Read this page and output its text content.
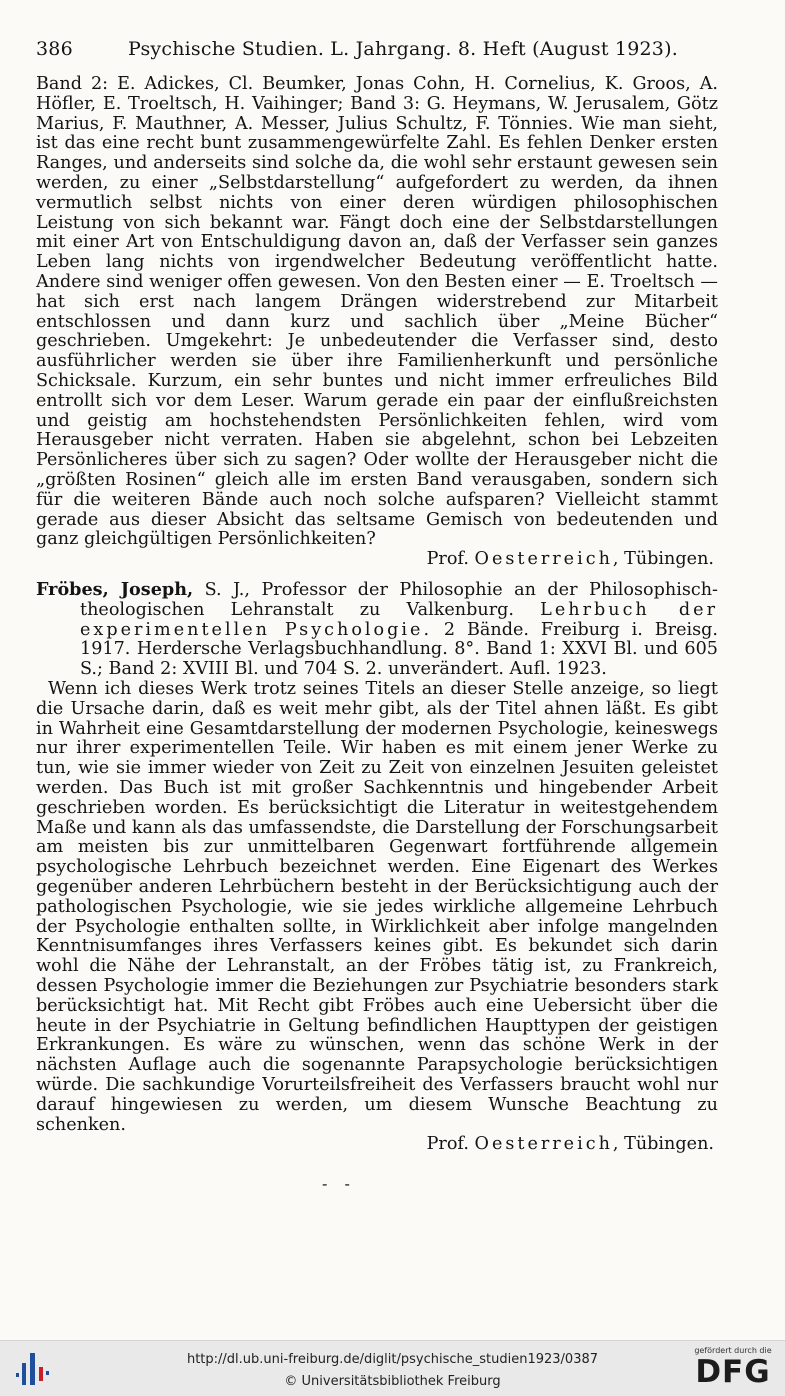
386	Psychische Studien. L. Jahrgang. 8. Heft (August 1923).

Band 2: E. Adickes, Cl. Beumker, Jonas Cohn, H. Cornelius, K. Groos, A. Höfler, E. Troeltsch, H. Vaihinger; Band 3: G. Heymans, W. Jerusalem, Götz Marius, F. Mauthner, A. Messer, Julius Schultz, F. Tönnies. Wie man sieht, ist das eine recht bunt zusammengewürfelte Zahl. Es fehlen Denker ersten Ranges, und anderseits sind solche da, die wohl sehr erstaunt gewesen sein werden, zu einer „Selbstdarstellung“ aufgefordert zu werden, da ihnen vermutlich selbst nichts von einer deren würdigen philosophischen Leistung von sich bekannt war. Fängt doch eine der Selbstdarstellungen mit einer Art von Entschuldigung davon an, daß der Verfasser sein ganzes Leben lang nichts von irgendwelcher Bedeutung veröffentlicht hatte. Andere sind weniger offen gewesen. Von den Besten einer — E. Troeltsch — hat sich erst nach langem Drängen widerstrebend zur Mitarbeit entschlossen und dann kurz und sachlich über „Meine Bücher“ geschrieben. Umgekehrt: Je unbedeutender die Verfasser sind, desto ausführlicher werden sie über ihre Familienherkunft und persönliche Schicksale. Kurzum, ein sehr buntes und nicht immer erfreuliches Bild entrollt sich vor dem Leser. Warum gerade ein paar der einflußreichsten und geistig am hochstehendsten Persönlichkeiten fehlen, wird vom Herausgeber nicht verraten. Haben sie abgelehnt, schon bei Lebzeiten Persönlicheres über sich zu sagen? Oder wollte der Herausgeber nicht die „größten Rosinen“ gleich alle im ersten Band verausgaben, sondern sich für die weiteren Bände auch noch solche aufsparen? Vielleicht stammt gerade aus dieser Absicht das seltsame Gemisch von bedeutenden und ganz gleichgültigen Persönlichkeiten?
Prof. Oesterreich, Tübingen.

Fröbes, Joseph, S. J., Professor der Philosophie an der Philosophisch-theologischen Lehranstalt zu Valkenburg. Lehrbuch der experimentellen Psychologie. 2 Bände. Freiburg i. Breisg. 1917. Herdersche Verlagsbuchhandlung. 8°. Band 1: XXVI Bl. und 605 S.; Band 2: XVIII Bl. und 704 S. 2. unverändert. Aufl. 1923.

Wenn ich dieses Werk trotz seines Titels an dieser Stelle anzeige, so liegt die Ursache darin, daß es weit mehr gibt, als der Titel ahnen läßt. Es gibt in Wahrheit eine Gesamtdarstellung der modernen Psychologie, keineswegs nur ihrer experimentellen Teile. Wir haben es mit einem jener Werke zu tun, wie sie immer wieder von Zeit zu Zeit von einzelnen Jesuiten geleistet werden. Das Buch ist mit großer Sachkenntnis und hingebender Arbeit geschrieben worden. Es berücksichtigt die Literatur in weitestgehendem Maße und kann als das umfassendste, die Darstellung der Forschungsarbeit am meisten bis zur unmittelbaren Gegenwart fortführende allgemein psychologische Lehrbuch bezeichnet werden. Eine Eigenart des Werkes gegenüber anderen Lehrbüchern besteht in der Berücksichtigung auch der pathologischen Psychologie, wie sie jedes wirkliche allgemeine Lehrbuch der Psychologie enthalten sollte, in Wirklichkeit aber infolge mangelnden Kenntnisumfanges ihres Verfassers keines gibt. Es bekundet sich darin wohl die Nähe der Lehranstalt, an der Fröbes tätig ist, zu Frankreich, dessen Psychologie immer die Beziehungen zur Psychiatrie besonders stark berücksichtigt hat. Mit Recht gibt Fröbes auch eine Uebersicht über die heute in der Psychiatrie in Geltung befindlichen Haupttypen der geistigen Erkrankungen. Es wäre zu wünschen, wenn das schöne Werk in der nächsten Auflage auch die sogenannte Parapsychologie berücksichtigen würde. Die sachkundige Vorurteilsfreiheit des Verfassers braucht wohl nur darauf hingewiesen zu werden, um diesem Wunsche Beachtung zu schenken.
Prof. Oesterreich, Tübingen.

- -
http://dl.ub.uni-freiburg.de/diglit/psychische_studien1923/0387
© Universitätsbibliothek Freiburg
gefördert durch die
DFG
